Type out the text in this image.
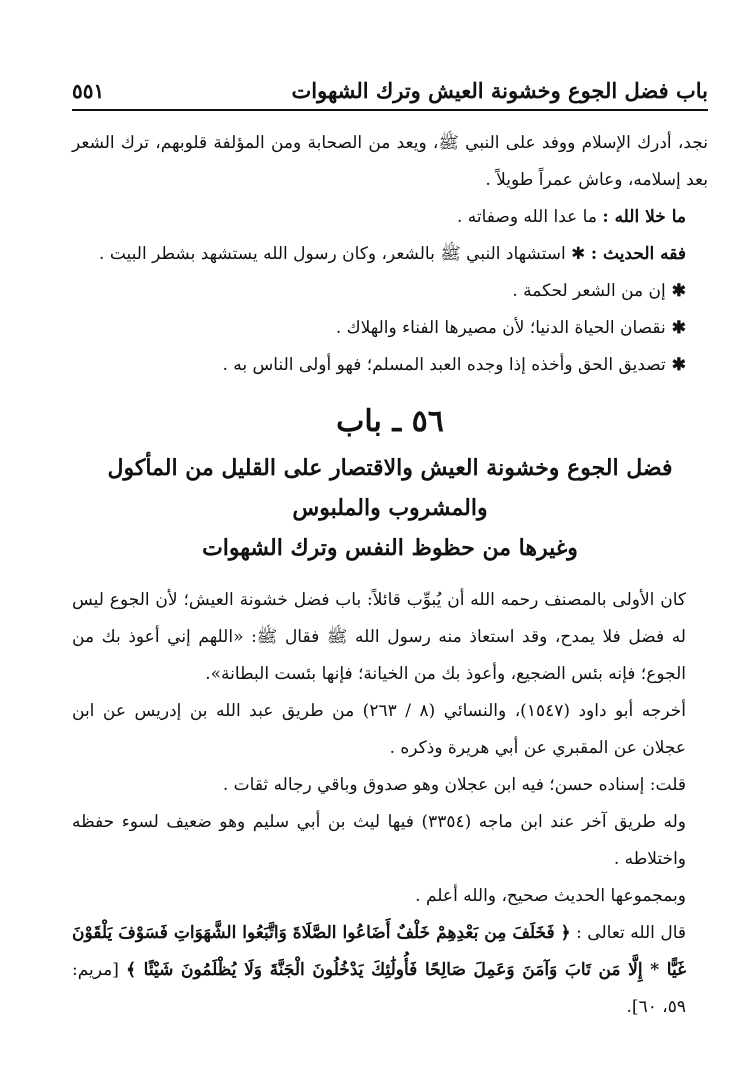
باب فضل الجوع وخشونة العيش وترك الشهوات
٥٥١

نجد، أدرك الإسلام ووفد على النبي ﷺ، ويعد من الصحابة ومن المؤلفة قلوبهم، ترك الشعر بعد إسلامه، وعاش عمراً طويلاً .

ما خلا الله : ما عدا الله وصفاته .

فقه الحديث : ✱ استشهاد النبي ﷺ بالشعر، وكان رسول الله يستشهد بشطر البيت .

✱إن من الشعر لحكمة .

✱نقصان الحياة الدنيا؛ لأن مصيرها الفناء والهلاك .

✱تصديق الحق وأخذه إذا وجده العبد المسلم؛ فهو أولى الناس به .

٥٦ ـ باب
فضل الجوع وخشونة العيش والاقتصار على القليل من المأكول والمشروب والملبوس
وغيرها من حظوظ النفس وترك الشهوات

كان الأولى بالمصنف رحمه الله أن يُبوِّب قائلاً: باب فضل خشونة العيش؛ لأن الجوع ليس له فضل فلا يمدح، وقد استعاذ منه رسول الله ﷺ فقال ﷺ: «اللهم إني أعوذ بك من الجوع؛ فإنه بئس الضجيع، وأعوذ بك من الخيانة؛ فإنها بئست البطانة».

أخرجه أبو داود (١٥٤٧)، والنسائي (٨ / ٢٦٣) من طريق عبد الله بن إدريس عن ابن عجلان عن المقبري عن أبي هريرة وذكره .

قلت: إسناده حسن؛ فيه ابن عجلان وهو صدوق وباقي رجاله ثقات .

وله طريق آخر عند ابن ماجه (٣٣٥٤) فيها ليث بن أبي سليم وهو ضعيف لسوء حفظه واختلاطه .

وبمجموعها الحديث صحيح، والله أعلم .

قال الله تعالى : ﴿ فَخَلَفَ مِن بَعْدِهِمْ خَلْفٌ أَضَاعُوا الصَّلَاةَ وَاتَّبَعُوا الشَّهَوَاتِ فَسَوْفَ يَلْقَوْنَ غَيًّا * إِلَّا مَن تَابَ وَآمَنَ وَعَمِلَ صَالِحًا فَأُولَٰئِكَ يَدْخُلُونَ الْجَنَّةَ وَلَا يُظْلَمُونَ شَيْئًا ﴾ [مريم: ٥٩، ٦٠].
